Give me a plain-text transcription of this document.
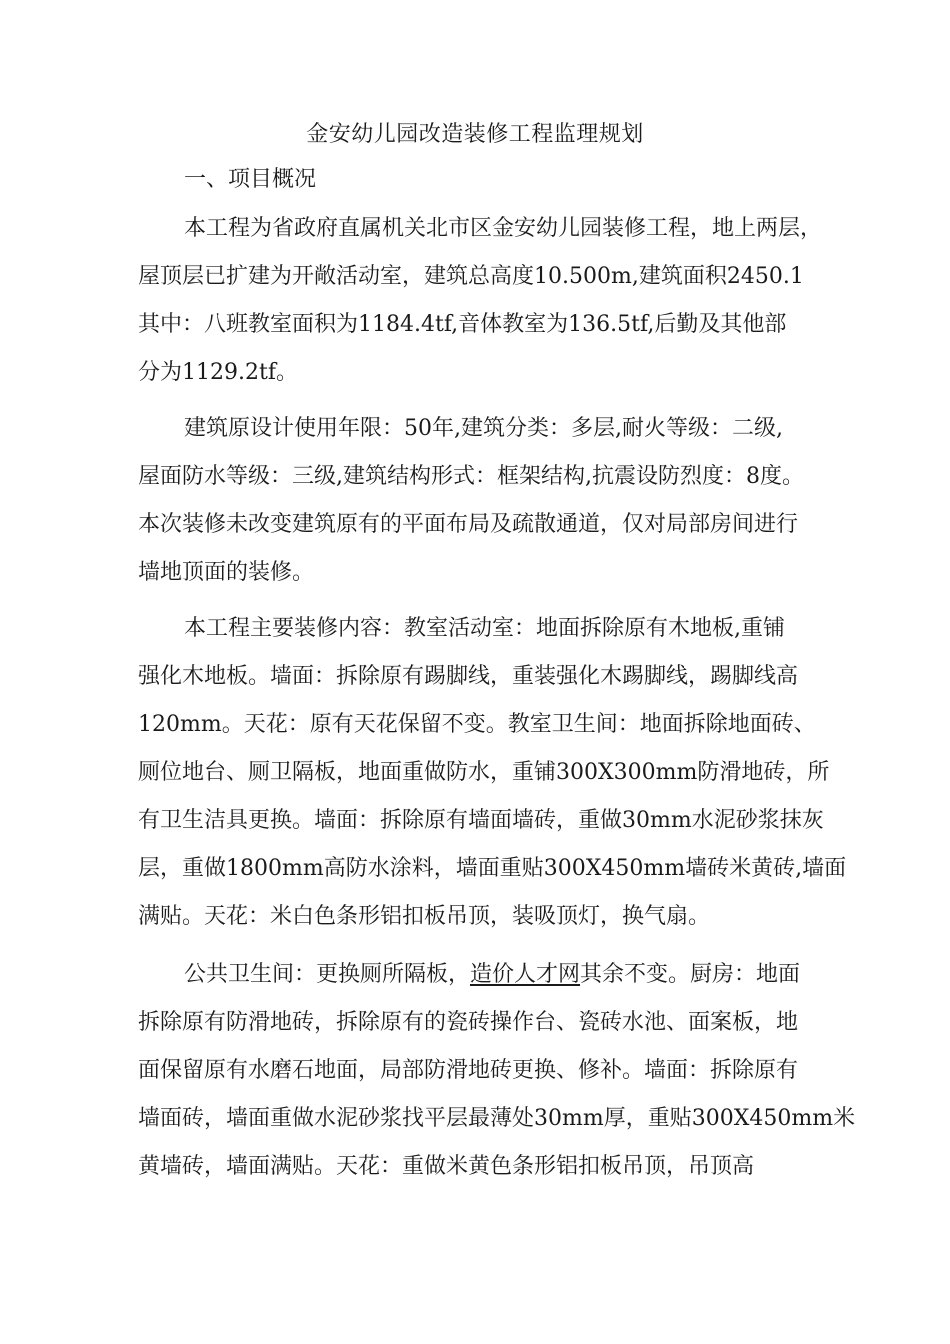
金安幼儿园改造装修工程监理规划
一、项目概况
本工程为省政府直属机关北市区金安幼儿园装修工程，地上两层，
屋顶层已扩建为开敞活动室，建筑总高度10.500m,建筑面积2450.1
其中：八班教室面积为1184.4tf,音体教室为136.5tf,后勤及其他部
分为1129.2tf。
建筑原设计使用年限：50年,建筑分类：多层,耐火等级：二级,
屋面防水等级：三级,建筑结构形式：框架结构,抗震设防烈度：8度。
本次装修未改变建筑原有的平面布局及疏散通道，仅对局部房间进行
墙地顶面的装修。
本工程主要装修内容：教室活动室：地面拆除原有木地板,重铺
强化木地板。墙面：拆除原有踢脚线，重装强化木踢脚线，踢脚线高
120mm。天花：原有天花保留不变。教室卫生间：地面拆除地面砖、
厕位地台、厕卫隔板，地面重做防水，重铺300X300mm防滑地砖，所
有卫生洁具更换。墙面：拆除原有墙面墙砖，重做30mm水泥砂浆抹灰
层，重做1800mm高防水涂料，墙面重贴300X450mm墙砖米黄砖,墙面
满贴。天花：米白色条形铝扣板吊顶，装吸顶灯，换气扇。
公共卫生间：更换厕所隔板，造价人才网其余不变。厨房：地面
拆除原有防滑地砖，拆除原有的瓷砖操作台、瓷砖水池、面案板，地
面保留原有水磨石地面，局部防滑地砖更换、修补。墙面：拆除原有
墙面砖，墙面重做水泥砂浆找平层最薄处30mm厚，重贴300X450mm米
黄墙砖，墙面满贴。天花：重做米黄色条形铝扣板吊顶，吊顶高
